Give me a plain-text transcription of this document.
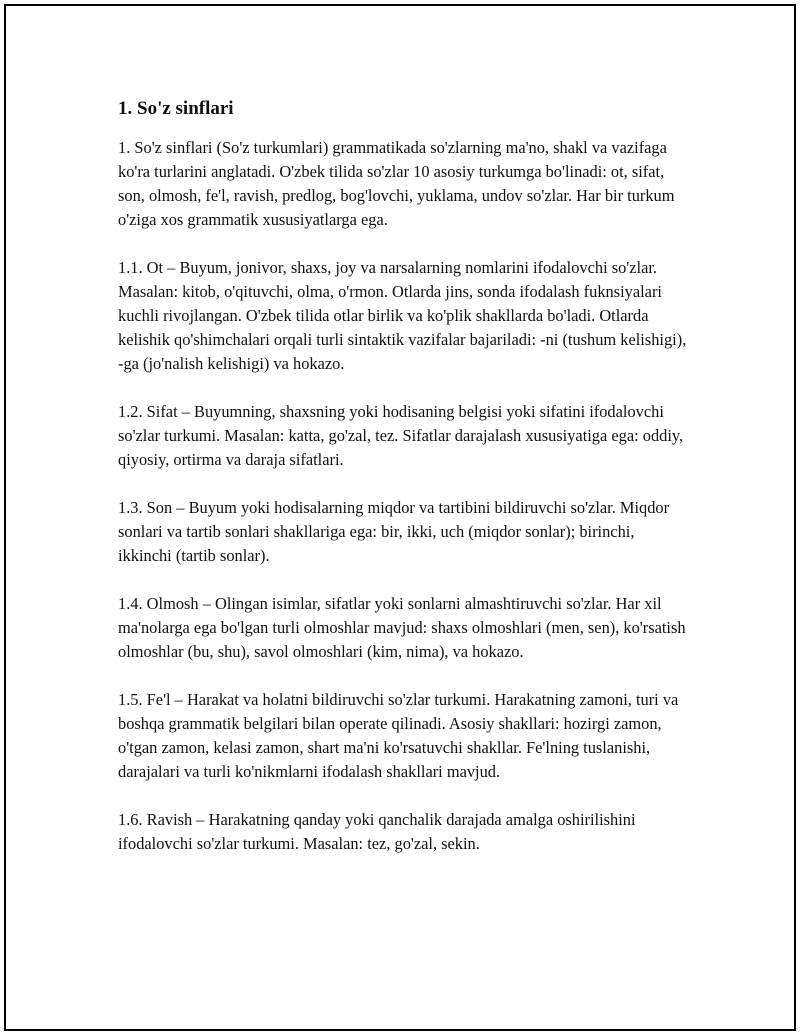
1. So'z sinflari

1. So'z sinflari (So'z turkumlari) grammatikada so'zlarning ma'no, shakl va vazifaga ko'ra turlarini anglatadi. O'zbek tilida so'zlar 10 asosiy turkumga bo'linadi: ot, sifat, son, olmosh, fe'l, ravish, predlog, bog'lovchi, yuklama, undov so'zlar. Har bir turkum o'ziga xos grammatik xususiyatlarga ega.

1.1. Ot – Buyum, jonivor, shaxs, joy va narsalarning nomlarini ifodalovchi so'zlar. Masalan: kitob, o'qituvchi, olma, o'rmon. Otlarda jins, sonda ifodalash fuknsiyalari kuchli rivojlangan. O'zbek tilida otlar birlik va ko'plik shakllarda bo'ladi. Otlarda kelishik qo'shimchalari orqali turli sintaktik vazifalar bajariladi: -ni (tushum kelishigi), -ga (jo'nalish kelishigi) va hokazo.

1.2. Sifat – Buyumning, shaxsning yoki hodisaning belgisi yoki sifatini ifodalovchi so'zlar turkumi. Masalan: katta, go'zal, tez. Sifatlar darajalash xususiyatiga ega: oddiy, qiyosiy, ortirma va daraja sifatlari.

1.3. Son – Buyum yoki hodisalarning miqdor va tartibini bildiruvchi so'zlar. Miqdor sonlari va tartib sonlari shakllariga ega: bir, ikki, uch (miqdor sonlar); birinchi, ikkinchi (tartib sonlar).

1.4. Olmosh – Olingan isimlar, sifatlar yoki sonlarni almashtiruvchi so'zlar. Har xil ma'nolarga ega bo'lgan turli olmoshlar mavjud: shaxs olmoshlari (men, sen), ko'rsatish olmoshlar (bu, shu), savol olmoshlari (kim, nima), va hokazo.

1.5. Fe'l – Harakat va holatni bildiruvchi so'zlar turkumi. Harakatning zamoni, turi va boshqa grammatik belgilari bilan operate qilinadi. Asosiy shakllari: hozirgi zamon, o'tgan zamon, kelasi zamon, shart ma'ni ko'rsatuvchi shakllar. Fe'lning tuslanishi, darajalari va turli ko'nikmlarni ifodalash shakllari mavjud.

1.6. Ravish – Harakatning qanday yoki qanchalik darajada amalga oshirilishini ifodalovchi so'zlar turkumi. Masalan: tez, go'zal, sekin.
